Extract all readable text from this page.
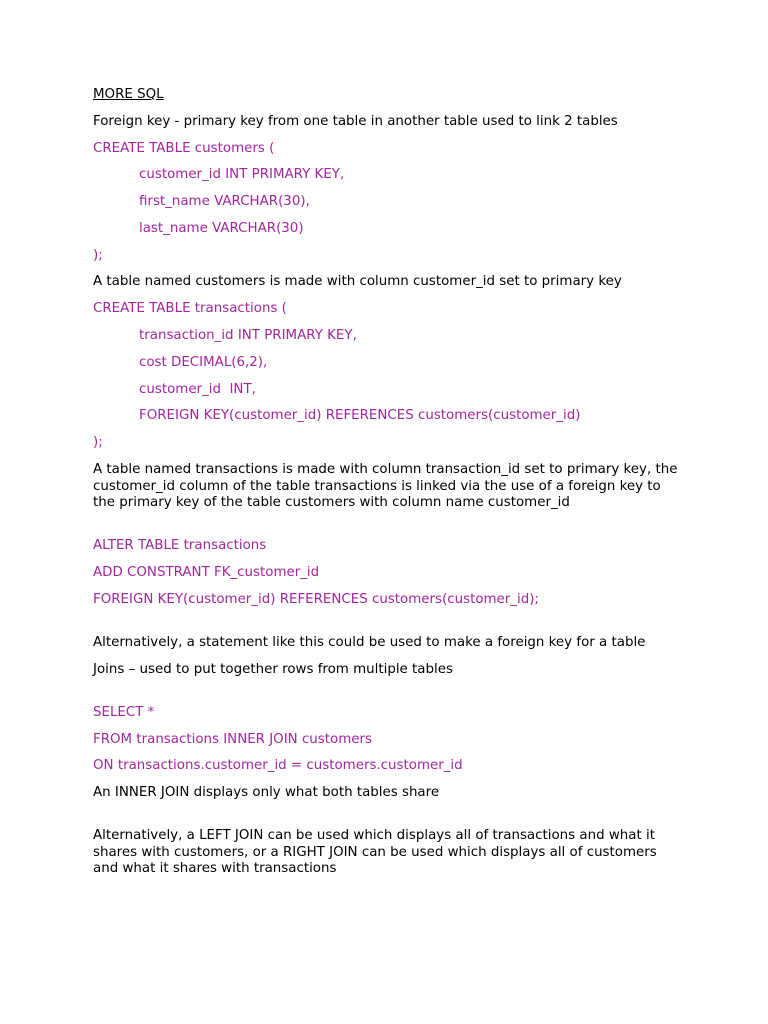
MORE SQL
Foreign key - primary key from one table in another table used to link 2 tables
CREATE TABLE customers (
customer_id INT PRIMARY KEY,
first_name VARCHAR(30),
last_name VARCHAR(30)
);
A table named customers is made with column customer_id set to primary key
CREATE TABLE transactions (
transaction_id INT PRIMARY KEY,
cost DECIMAL(6,2),
customer_id  INT,
FOREIGN KEY(customer_id) REFERENCES customers(customer_id)
);
A table named transactions is made with column transaction_id set to primary key, the customer_id column of the table transactions is linked via the use of a foreign key to the primary key of the table customers with column name customer_id
ALTER TABLE transactions
ADD CONSTRANT FK_customer_id
FOREIGN KEY(customer_id) REFERENCES customers(customer_id);
Alternatively, a statement like this could be used to make a foreign key for a table
Joins – used to put together rows from multiple tables
SELECT *
FROM transactions INNER JOIN customers
ON transactions.customer_id = customers.customer_id
An INNER JOIN displays only what both tables share
Alternatively, a LEFT JOIN can be used which displays all of transactions and what it shares with customers, or a RIGHT JOIN can be used which displays all of customers and what it shares with transactions
